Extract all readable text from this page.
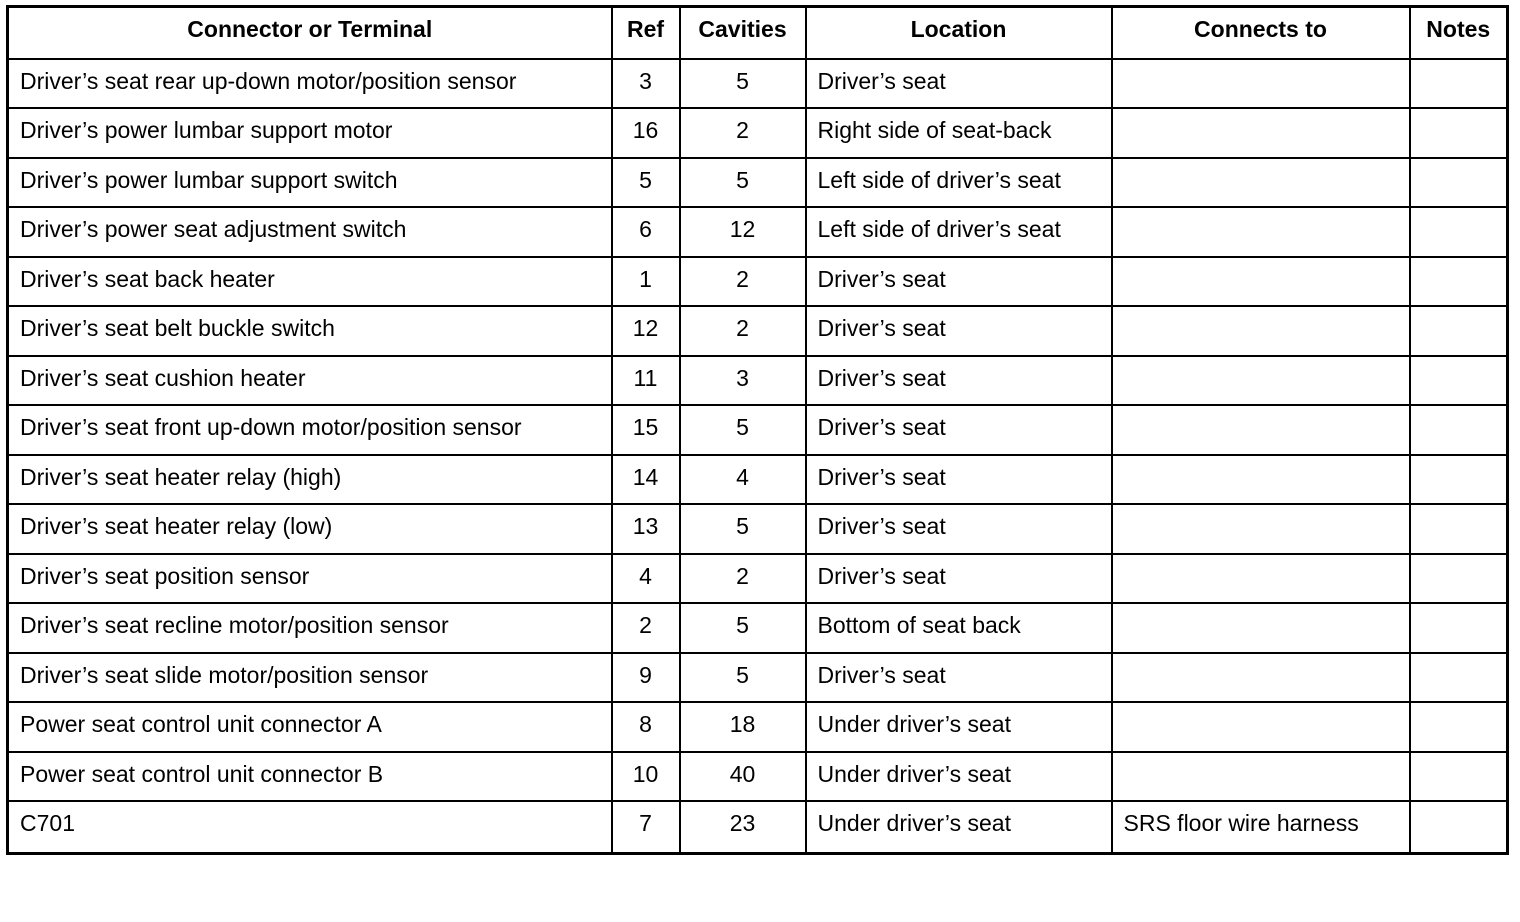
Connector or Terminal	Ref	Cavities	Location	Connects to	Notes
Driver’s seat rear up-down motor/position sensor	3	5	Driver’s seat		
Driver’s power lumbar support motor	16	2	Right side of seat-back		
Driver’s power lumbar support switch	5	5	Left side of driver’s seat		
Driver’s power seat adjustment switch	6	12	Left side of driver’s seat		
Driver’s seat back heater	1	2	Driver’s seat		
Driver’s seat belt buckle switch	12	2	Driver’s seat		
Driver’s seat cushion heater	11	3	Driver’s seat		
Driver’s seat front up-down motor/position sensor	15	5	Driver’s seat		
Driver’s seat heater relay (high)	14	4	Driver’s seat		
Driver’s seat heater relay (low)	13	5	Driver’s seat		
Driver’s seat position sensor	4	2	Driver’s seat		
Driver’s seat recline motor/position sensor	2	5	Bottom of seat back		
Driver’s seat slide motor/position sensor	9	5	Driver’s seat		
Power seat control unit connector A	8	18	Under driver’s seat		
Power seat control unit connector B	10	40	Under driver’s seat		
C701	7	23	Under driver’s seat	SRS floor wire harness	
